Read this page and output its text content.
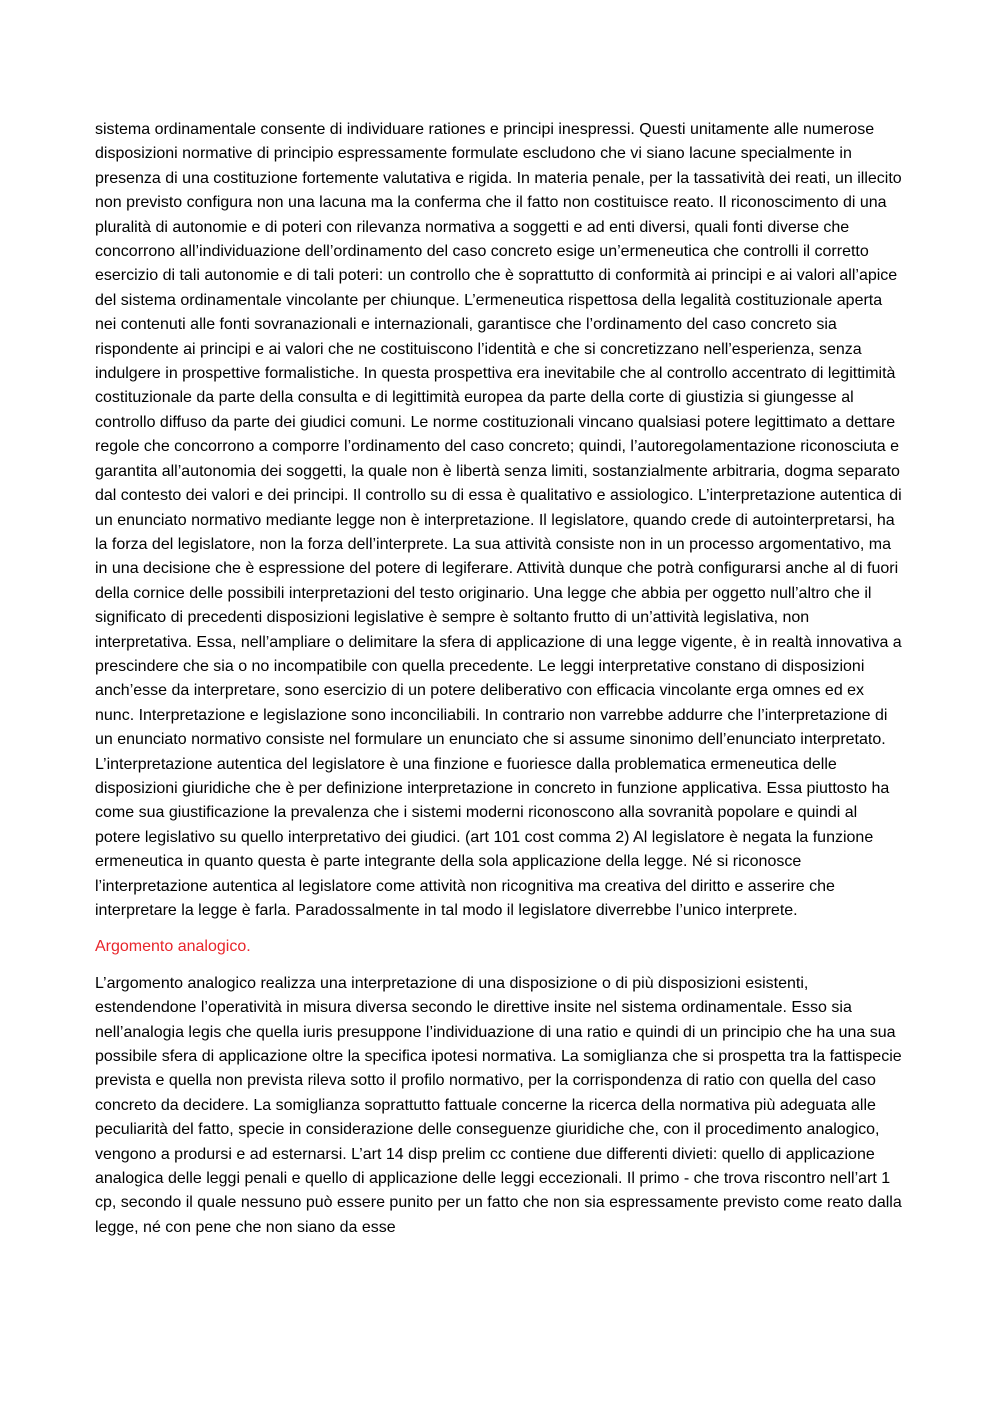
sistema ordinamentale consente di individuare rationes e principi inespressi. Questi unitamente alle numerose disposizioni normative di principio espressamente formulate escludono che vi siano lacune specialmente in presenza di una costituzione fortemente valutativa e rigida. In materia penale, per la tassatività dei reati, un illecito non previsto configura non una lacuna ma la conferma che il fatto non costituisce reato. Il riconoscimento di una pluralità di autonomie e di poteri con rilevanza normativa a soggetti e ad enti diversi, quali fonti diverse che concorrono all’individuazione dell’ordinamento del caso concreto esige un’ermeneutica che controlli il corretto esercizio di tali autonomie e di tali poteri: un controllo che è soprattutto di conformità ai principi e ai valori all’apice del sistema ordinamentale vincolante per chiunque. L’ermeneutica rispettosa della legalità costituzionale aperta nei contenuti alle fonti sovranazionali e internazionali, garantisce che l’ordinamento del caso concreto sia rispondente ai principi e ai valori che ne costituiscono l’identità e che si concretizzano nell’esperienza, senza indulgere in prospettive formalistiche. In questa prospettiva era inevitabile che al controllo accentrato di legittimità costituzionale da parte della consulta e di legittimità europea da parte della corte di giustizia si giungesse al controllo diffuso da parte dei giudici comuni. Le norme costituzionali vincano qualsiasi potere legittimato a dettare regole che concorrono a comporre l’ordinamento del caso concreto; quindi, l’autoregolamentazione riconosciuta e garantita all’autonomia dei soggetti, la quale non è libertà senza limiti, sostanzialmente arbitraria, dogma separato dal contesto dei valori e dei principi. Il controllo su di essa è qualitativo e assiologico. L’interpretazione autentica di un enunciato normativo mediante legge non è interpretazione. Il legislatore, quando crede di autointerpretarsi, ha la forza del legislatore, non la forza dell’interprete. La sua attività consiste non in un processo argomentativo, ma in una decisione che è espressione del potere di legiferare. Attività dunque che potrà configurarsi anche al di fuori della cornice delle possibili interpretazioni del testo originario. Una legge che abbia per oggetto null’altro che il significato di precedenti disposizioni legislative è sempre è soltanto frutto di un’attività legislativa, non interpretativa. Essa, nell’ampliare o delimitare la sfera di applicazione di una legge vigente, è in realtà innovativa a prescindere che sia o no incompatibile con quella precedente. Le leggi interpretative constano di disposizioni anch’esse da interpretare, sono esercizio di un potere deliberativo con efficacia vincolante erga omnes ed ex nunc. Interpretazione e legislazione sono inconciliabili. In contrario non varrebbe addurre che l’interpretazione di un enunciato normativo consiste nel formulare un enunciato che si assume sinonimo dell’enunciato interpretato. L’interpretazione autentica del legislatore è una finzione e fuoriesce dalla problematica ermeneutica delle disposizioni giuridiche che è per definizione interpretazione in concreto in funzione applicativa. Essa piuttosto ha come sua giustificazione la prevalenza che i sistemi moderni riconoscono alla sovranità popolare e quindi al potere legislativo su quello interpretativo dei giudici. (art 101 cost comma 2) Al legislatore è negata la funzione ermeneutica in quanto questa è parte integrante della sola applicazione della legge. Né si riconosce l’interpretazione autentica al legislatore come attività non ricognitiva ma creativa del diritto e asserire che interpretare la legge è farla. Paradossalmente in tal modo il legislatore diverrebbe l’unico interprete.

Argomento analogico.

L’argomento analogico realizza una interpretazione di una disposizione o di più disposizioni esistenti, estendendone l’operatività in misura diversa secondo le direttive insite nel sistema ordinamentale. Esso sia nell’analogia legis che quella iuris presuppone l’individuazione di una ratio e quindi di un principio che ha una sua possibile sfera di applicazione oltre la specifica ipotesi normativa. La somiglianza che si prospetta tra la fattispecie prevista e quella non prevista rileva sotto il profilo normativo, per la corrispondenza di ratio con quella del caso concreto da decidere. La somiglianza soprattutto fattuale concerne la ricerca della normativa più adeguata alle peculiarità del fatto, specie in considerazione delle conseguenze giuridiche che, con il procedimento analogico, vengono a prodursi e ad esternarsi. L’art 14 disp prelim cc contiene due differenti divieti: quello di applicazione analogica delle leggi penali e quello di applicazione delle leggi eccezionali. Il primo - che trova riscontro nell’art 1 cp, secondo il quale nessuno può essere punito per un fatto che non sia espressamente previsto come reato dalla legge, né con pene che non siano da esse
